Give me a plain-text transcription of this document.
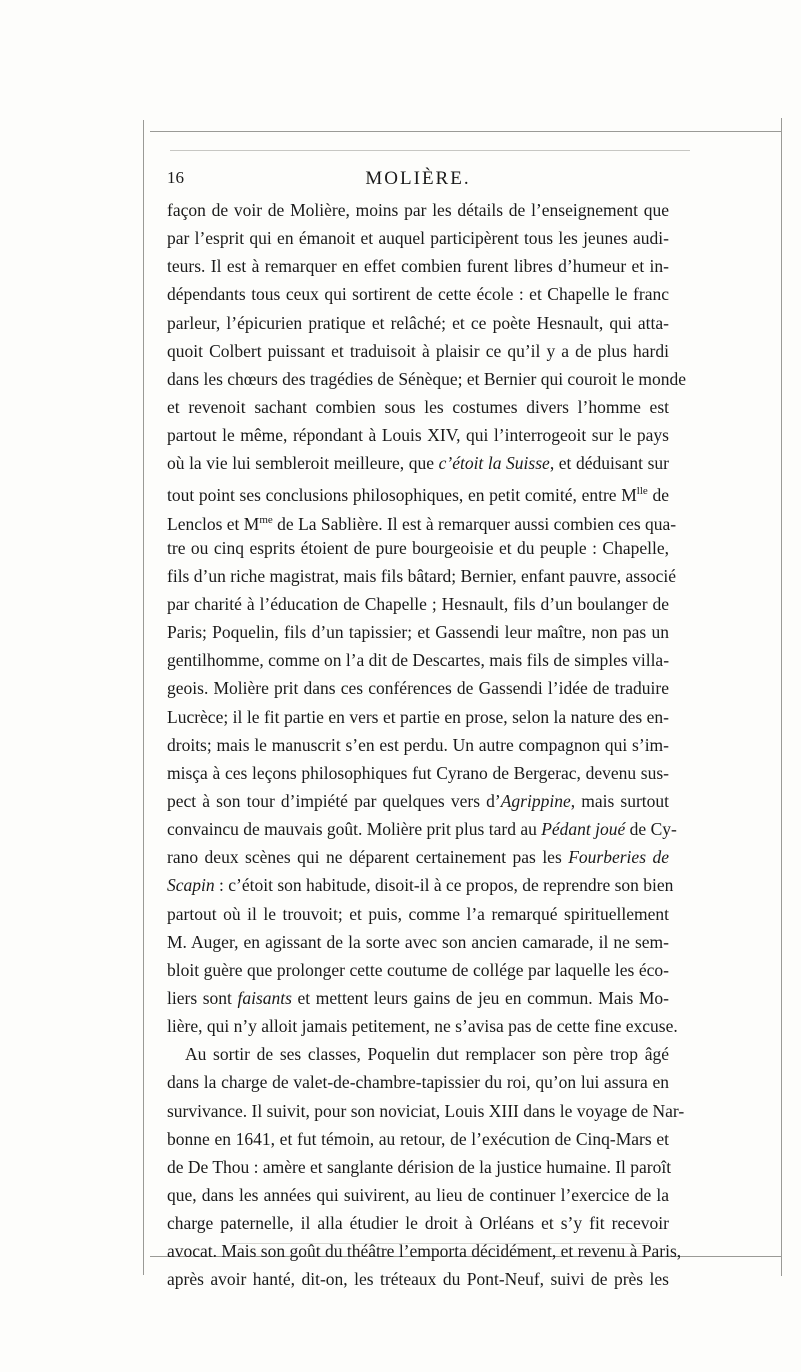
16	MOLIÈRE.
façon de voir de Molière, moins par les détails de l’enseignement que
par l’esprit qui en émanoit et auquel participèrent tous les jeunes audi-
teurs. Il est à remarquer en effet combien furent libres d’humeur et in-
dépendants tous ceux qui sortirent de cette école : et Chapelle le franc
parleur, l’épicurien pratique et relâché; et ce poète Hesnault, qui atta-
quoit Colbert puissant et traduisoit à plaisir ce qu’il y a de plus hardi
dans les chœurs des tragédies de Sénèque; et Bernier qui couroit le monde
et revenoit sachant combien sous les costumes divers l’homme est
partout le même, répondant à Louis XIV, qui l’interrogeoit sur le pays
où la vie lui sembleroit meilleure, que c’étoit la Suisse, et déduisant sur
tout point ses conclusions philosophiques, en petit comité, entre $M^{lle}$ de
Lenclos et $M^{me}$ de La Sablière. Il est à remarquer aussi combien ces qua-
tre ou cinq esprits étoient de pure bourgeoisie et du peuple : Chapelle,
fils d’un riche magistrat, mais fils bâtard; Bernier, enfant pauvre, associé
par charité à l’éducation de Chapelle ; Hesnault, fils d’un boulanger de
Paris; Poquelin, fils d’un tapissier; et Gassendi leur maître, non pas un
gentilhomme, comme on l’a dit de Descartes, mais fils de simples villa-
geois. Molière prit dans ces conférences de Gassendi l’idée de traduire
Lucrèce; il le fit partie en vers et partie en prose, selon la nature des en-
droits; mais le manuscrit s’en est perdu. Un autre compagnon qui s’im-
misça à ces leçons philosophiques fut Cyrano de Bergerac, devenu sus-
pect à son tour d’impiété par quelques vers d’Agrippine, mais surtout
convaincu de mauvais goût. Molière prit plus tard au Pédant joué de Cy-
rano deux scènes qui ne déparent certainement pas les Fourberies de
Scapin : c’étoit son habitude, disoit-il à ce propos, de reprendre son bien
partout où il le trouvoit; et puis, comme l’a remarqué spirituellement
M. Auger, en agissant de la sorte avec son ancien camarade, il ne sem-
bloit guère que prolonger cette coutume de collége par laquelle les éco-
liers sont faisants et mettent leurs gains de jeu en commun. Mais Mo-
lière, qui n’y alloit jamais petitement, ne s’avisa pas de cette fine excuse.
Au sortir de ses classes, Poquelin dut remplacer son père trop âgé
dans la charge de valet-de-chambre-tapissier du roi, qu’on lui assura en
survivance. Il suivit, pour son noviciat, Louis XIII dans le voyage de Nar-
bonne en 1641, et fut témoin, au retour, de l’exécution de Cinq-Mars et
de De Thou : amère et sanglante dérision de la justice humaine. Il paroît
que, dans les années qui suivirent, au lieu de continuer l’exercice de la
charge paternelle, il alla étudier le droit à Orléans et s’y fit recevoir
avocat. Mais son goût du théâtre l’emporta décidément, et revenu à Paris,
après avoir hanté, dit-on, les tréteaux du Pont-Neuf, suivi de près les
